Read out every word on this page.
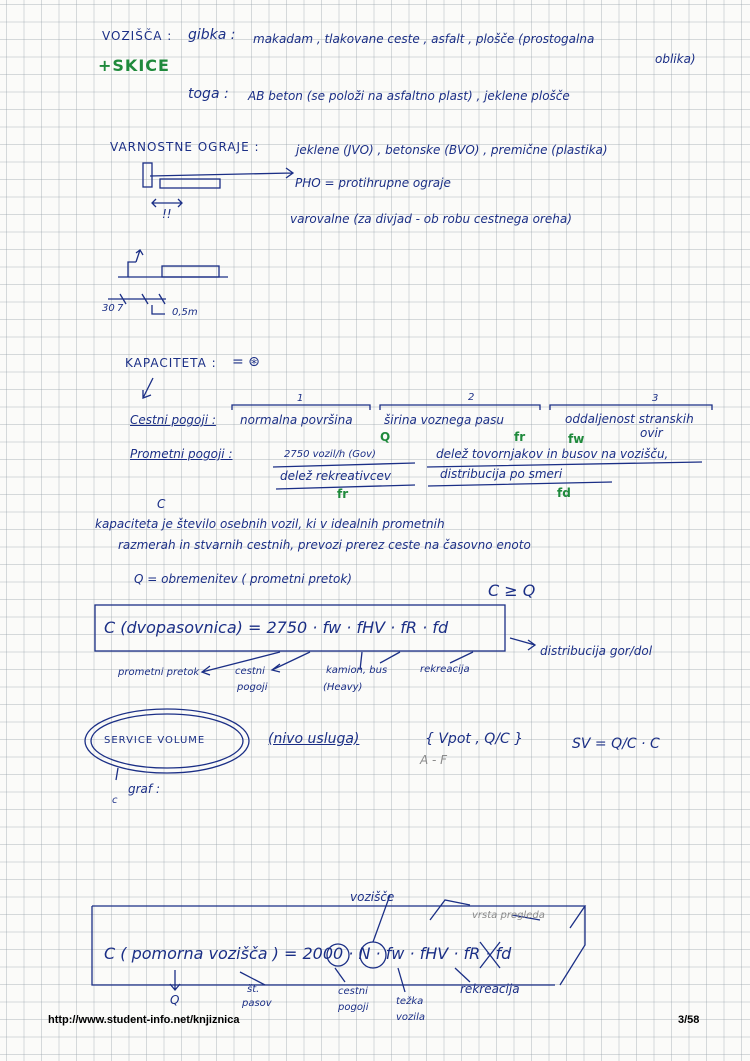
VOZIŠČA : gibka : makadam , tlakovane ceste , asfalt , plošče (prostogalna
oblika)
+SKICE
toga : AB beton (se položi na asfaltno plast) , jeklene plošče
VARNOSTNE OGRAJE :	jeklene (JVO) , betonske (BVO) , premične (plastika)
PHO = protihrupne ograje
!!	varovalne (za divjad - ob robu cestnega oreha)
30 7	0,5m
KAPACITETA : = ⊛
1	2	3
Cestni pogoji : normalna površina	širina voznega pasu	oddaljenost stranskih
ovir
Q	fr	fw
Prometni pogoji :	2750 vozil/h (Gov)	delež tovornjakov in busov na vozišču,
delež rekreativcev	distribucija po smeri
fr	fd
C
kapaciteta je število osebnih vozil, ki v idealnih prometnih
razmerah in stvarnih cestnih, prevozi prerez ceste na časovno enoto
Q = obremenitev ( prometni pretok)
C ≥ Q
C (dvopasovnica) = 2750 · fw · fHV · fR · fd
distribucija gor/dol
prometni pretok	cestni
pogoji
kamion, bus
(Heavy)
rekreacija
SERVICE VOLUME	(nivo usluga)	{ Vpot , Q/C }
A - F
SV = Q/C · C
graf :
c
vozišče
vrsta pregleda
C ( pomorna vozišča ) = 2000 · N · fw · fHV · fR · fd
Q
št.
pasov
cestni
pogoji
težka
vozila
rekreacija
http://www.student-info.net/knjiznica	3/58
